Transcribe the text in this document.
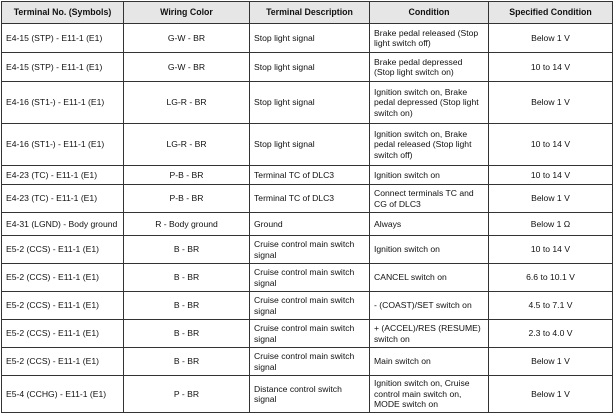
Terminal No. (Symbols)	Wiring Color	Terminal Description	Condition	Specified Condition
E4-15 (STP) - E11-1 (E1)	G-W - BR	Stop light signal	Brake pedal released (Stop light switch off)	Below 1 V
E4-15 (STP) - E11-1 (E1)	G-W - BR	Stop light signal	Brake pedal depressed (Stop light switch on)	10 to 14 V
E4-16 (ST1-) - E11-1 (E1)	LG-R - BR	Stop light signal	Ignition switch on, Brake pedal depressed (Stop light switch on)	Below 1 V
E4-16 (ST1-) - E11-1 (E1)	LG-R - BR	Stop light signal	Ignition switch on, Brake pedal released (Stop light switch off)	10 to 14 V
E4-23 (TC) - E11-1 (E1)	P-B - BR	Terminal TC of DLC3	Ignition switch on	10 to 14 V
E4-23 (TC) - E11-1 (E1)	P-B - BR	Terminal TC of DLC3	Connect terminals TC and CG of DLC3	Below 1 V
E4-31 (LGND) - Body ground	R - Body ground	Ground	Always	Below 1 Ω
E5-2 (CCS) - E11-1 (E1)	B - BR	Cruise control main switch signal	Ignition switch on	10 to 14 V
E5-2 (CCS) - E11-1 (E1)	B - BR	Cruise control main switch signal	CANCEL switch on	6.6 to 10.1 V
E5-2 (CCS) - E11-1 (E1)	B - BR	Cruise control main switch signal	- (COAST)/SET switch on	4.5 to 7.1 V
E5-2 (CCS) - E11-1 (E1)	B - BR	Cruise control main switch signal	+ (ACCEL)/RES (RESUME) switch on	2.3 to 4.0 V
E5-2 (CCS) - E11-1 (E1)	B - BR	Cruise control main switch signal	Main switch on	Below 1 V
E5-4 (CCHG) - E11-1 (E1)	P - BR	Distance control switch signal	Ignition switch on, Cruise control main switch on, MODE switch on	Below 1 V
